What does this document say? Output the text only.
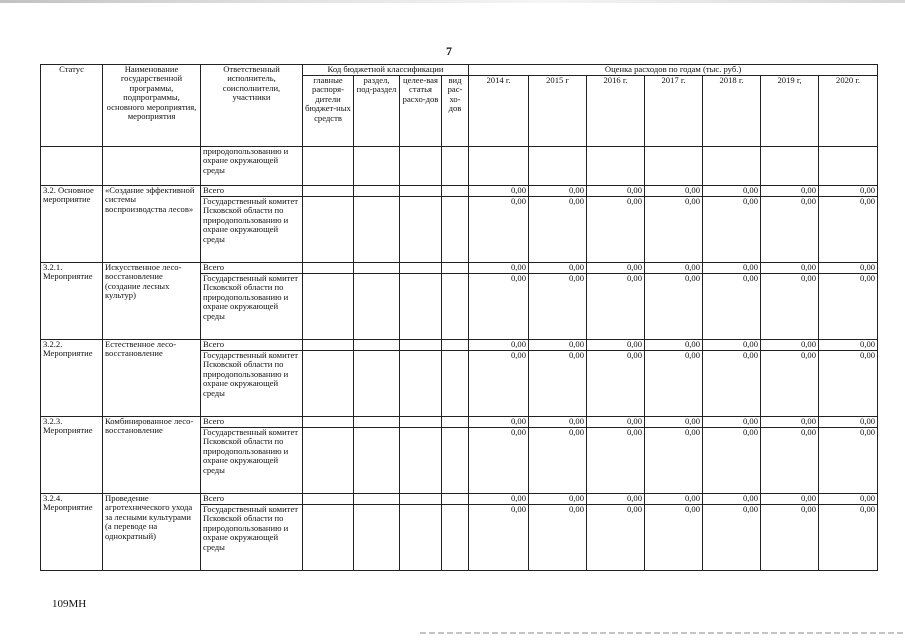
7
Статус	Наименование государственной программы, подпрограммы, основного мероприятия, мероприятия	Ответственный исполнитель, соисполнители, участники	Код бюджетной классификации				Оценка расходов по годам (тыс. руб.)						
			главные распоря-дители бюджет-ных средств	раздел, под-раздел	целее-вая статья расхо-дов	вид рас-хо-дов	2014 г.	2015 г	2016 г.	2017 г.	2018 г.	2019 г,	2020 г.
		природопользованию и охране окружающей среды											
3.2. Основное мероприятие	«Создание эффективной системы воспроизводства лесов»	Всего					0,00	0,00	0,00	0,00	0,00	0,00	0,00
		Государственный комитет Псковской области по природопользованию и охране окружающей среды					0,00	0,00	0,00	0,00	0,00	0,00	0,00
3.2.1. Мероприятие	Искусственное лесо-восстановление (создание лесных культур)	Всего					0,00	0,00	0,00	0,00	0,00	0,00	0,00
		Государственный комитет Псковской области по природопользованию и охране окружающей среды					0,00	0,00	0,00	0,00	0,00	0,00	0,00
3.2.2. Мероприятие	Естественное лесо-восстановление	Всего					0,00	0,00	0,00	0,00	0,00	0,00	0,00
		Государственный комитет Псковской области по природопользованию и охране окружающей среды					0,00	0,00	0,00	0,00	0,00	0,00	0,00
3.2.3. Мероприятие	Комбинированное лесо-восстановление	Всего					0,00	0,00	0,00	0,00	0,00	0,00	0,00
		Государственный комитет Псковской области по природопользованию и охране окружающей среды					0,00	0,00	0,00	0,00	0,00	0,00	0,00
3.2.4. Мероприятие	Проведение агротехнического ухода за лесными культурами (а переводе на однократный)	Всего					0,00	0,00	0,00	0,00	0,00	0,00	0,00
		Государственный комитет Псковской области по природопользованию и охране окружающей среды					0,00	0,00	0,00	0,00	0,00	0,00	0,00
109МН
